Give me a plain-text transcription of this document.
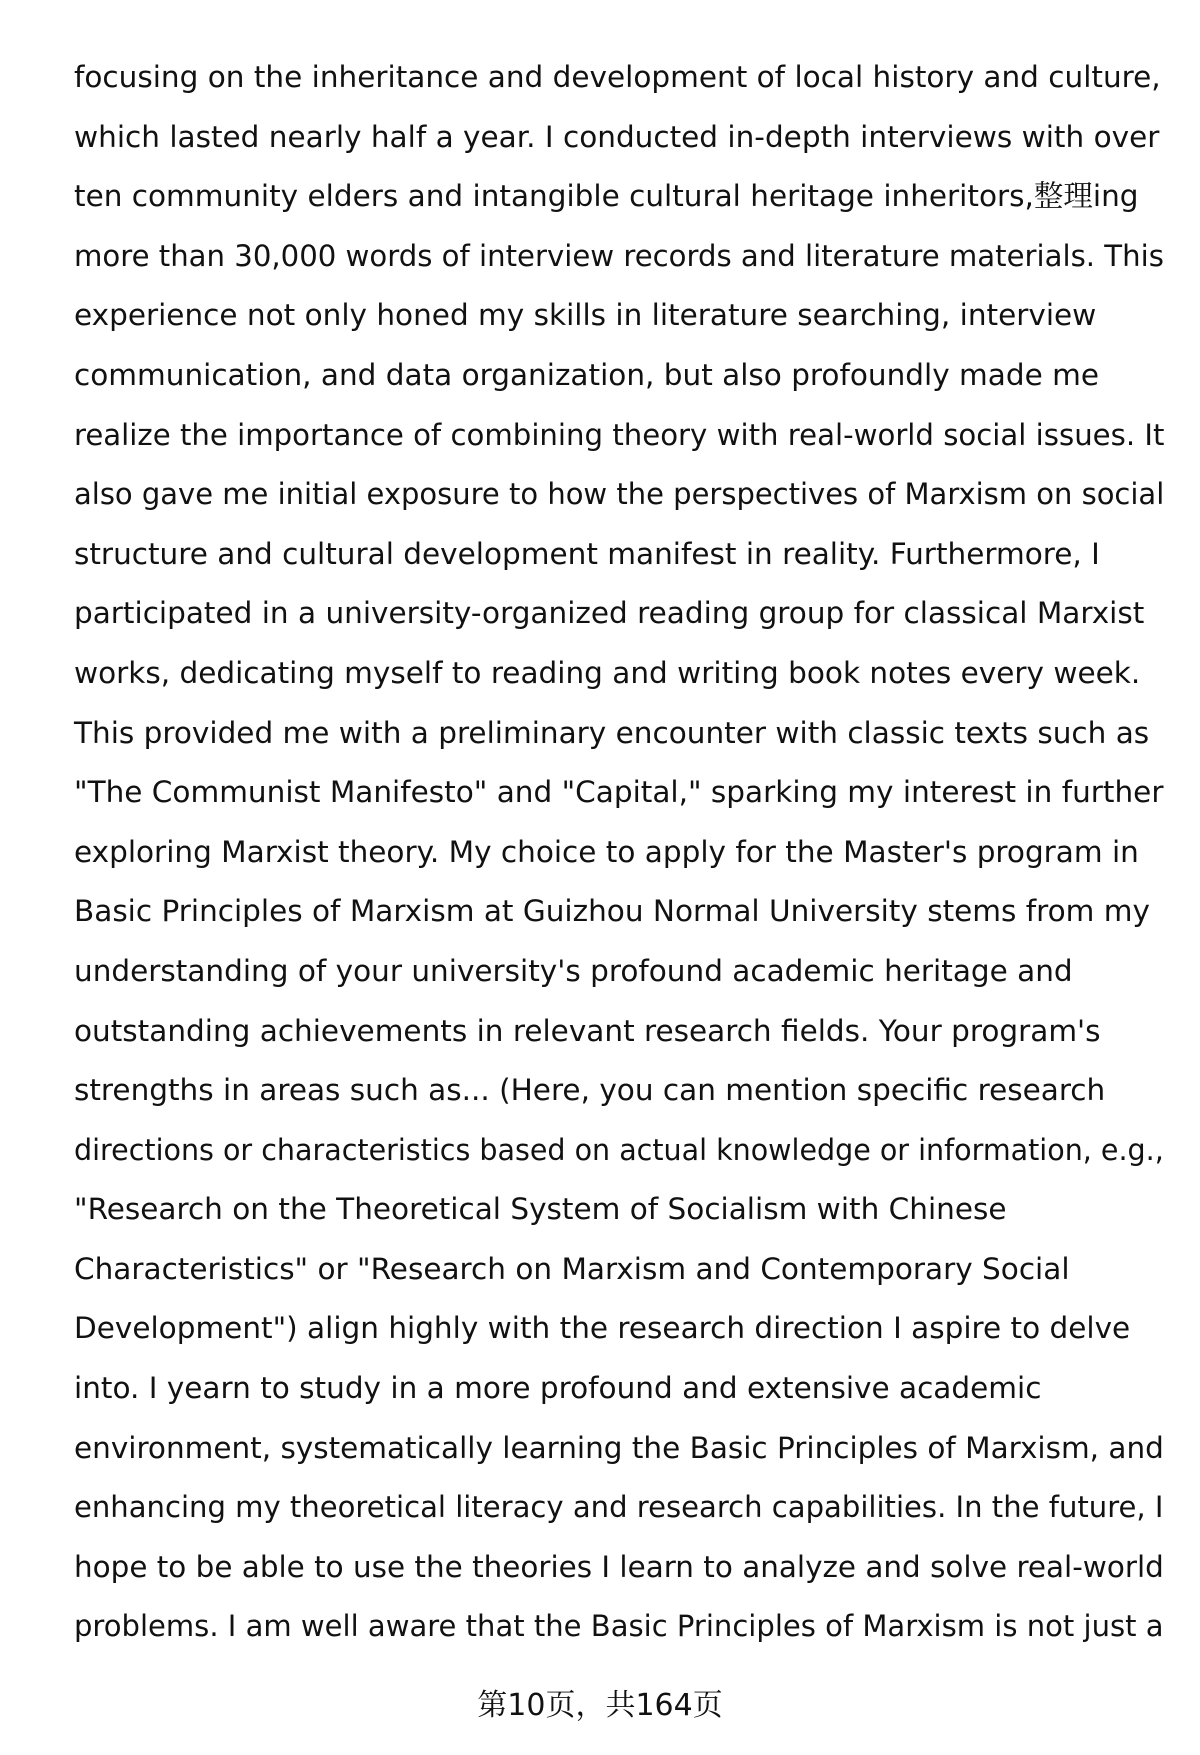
focusing on the inheritance and development of local history and culture,
which lasted nearly half a year. I conducted in-depth interviews with over
ten community elders and intangible cultural heritage inheritors,整理ing
more than 30,000 words of interview records and literature materials. This
experience not only honed my skills in literature searching, interview
communication, and data organization, but also profoundly made me
realize the importance of combining theory with real-world social issues. It
also gave me initial exposure to how the perspectives of Marxism on social
structure and cultural development manifest in reality. Furthermore, I
participated in a university-organized reading group for classical Marxist
works, dedicating myself to reading and writing book notes every week.
This provided me with a preliminary encounter with classic texts such as
"The Communist Manifesto" and "Capital," sparking my interest in further
exploring Marxist theory. My choice to apply for the Master's program in
Basic Principles of Marxism at Guizhou Normal University stems from my
understanding of your university's profound academic heritage and
outstanding achievements in relevant research fields. Your program's
strengths in areas such as... (Here, you can mention specific research
directions or characteristics based on actual knowledge or information, e.g.,
"Research on the Theoretical System of Socialism with Chinese
Characteristics" or "Research on Marxism and Contemporary Social
Development") align highly with the research direction I aspire to delve
into. I yearn to study in a more profound and extensive academic
environment, systematically learning the Basic Principles of Marxism, and
enhancing my theoretical literacy and research capabilities. In the future, I
hope to be able to use the theories I learn to analyze and solve real-world
problems. I am well aware that the Basic Principles of Marxism is not just a
第10页，共164页
